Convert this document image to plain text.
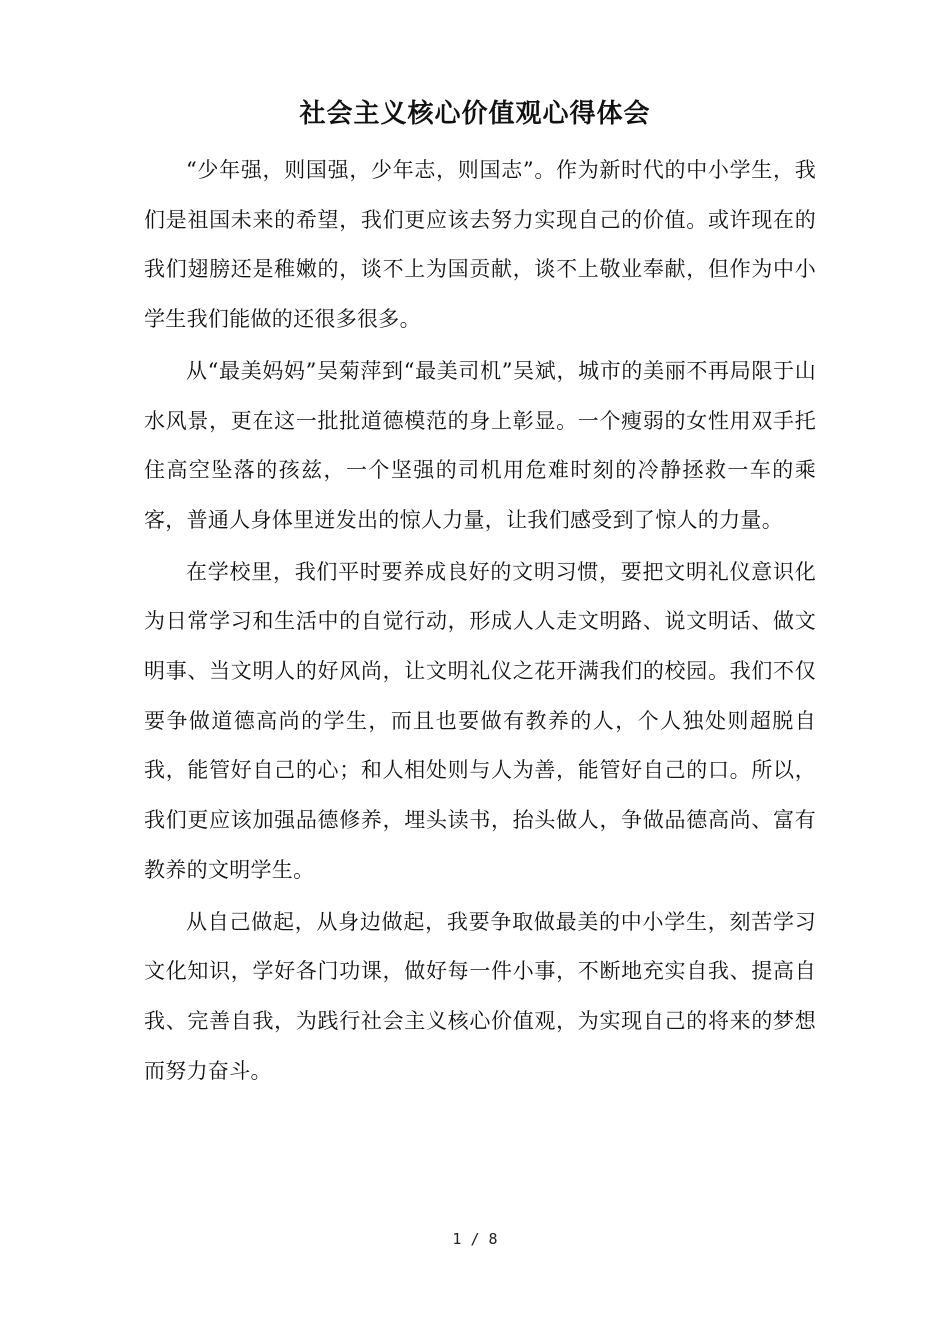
社会主义核心价值观心得体会

“少年强，则国强，少年志，则国志”。作为新时代的中小学生，我们是祖国未来的希望，我们更应该去努力实现自己的价值。或许现在的我们翅膀还是稚嫩的，谈不上为国贡献，谈不上敬业奉献，但作为中小学生我们能做的还很多很多。

从“最美妈妈”吴菊萍到“最美司机”吴斌，城市的美丽不再局限于山水风景，更在这一批批道德模范的身上彰显。一个瘦弱的女性用双手托住高空坠落的孩兹，一个坚强的司机用危难时刻的冷静拯救一车的乘客，普通人身体里迸发出的惊人力量，让我们感受到了惊人的力量。

在学校里，我们平时要养成良好的文明习惯，要把文明礼仪意识化为日常学习和生活中的自觉行动，形成人人走文明路、说文明话、做文明事、当文明人的好风尚，让文明礼仪之花开满我们的校园。我们不仅要争做道德高尚的学生，而且也要做有教养的人，个人独处则超脱自我，能管好自己的心；和人相处则与人为善，能管好自己的口。所以，我们更应该加强品德修养，埋头读书，抬头做人，争做品德高尚、富有教养的文明学生。

从自己做起，从身边做起，我要争取做最美的中小学生，刻苦学习文化知识，学好各门功课，做好每一件小事，不断地充实自我、提高自我、完善自我，为践行社会主义核心价值观，为实现自己的将来的梦想而努力奋斗。

1 / 8
